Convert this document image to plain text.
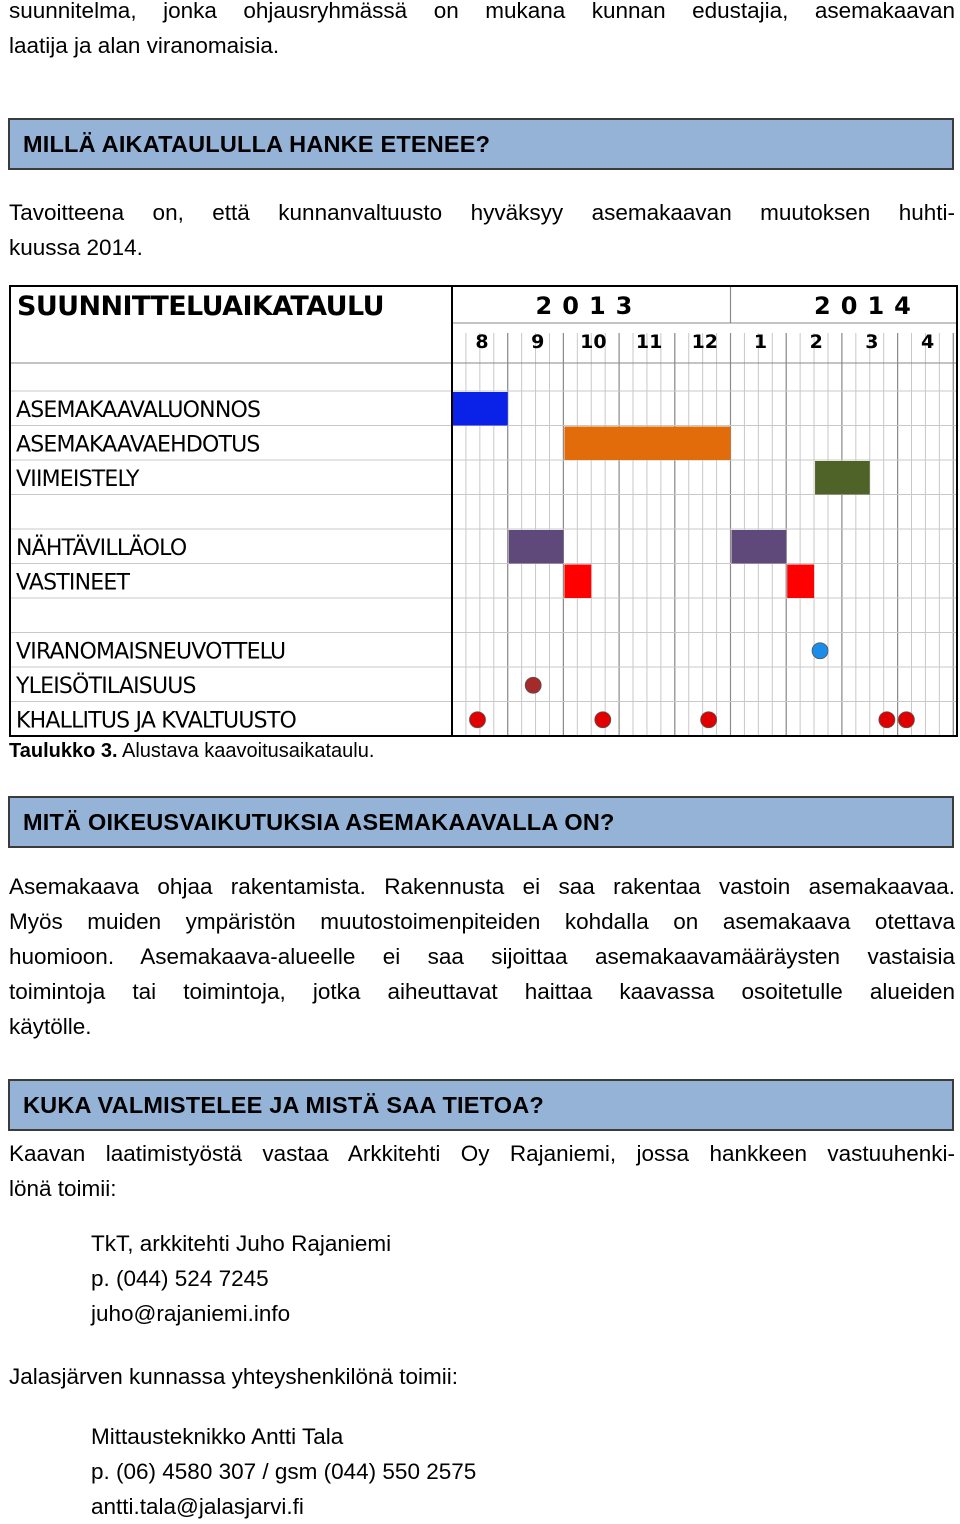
suunnitelma, jonka ohjausryhmässä on mukana kunnan edustajia, asemakaavan
laatija ja alan viranomaisia.

MILLÄ AIKATAULULLA HANKE ETENEE?

Tavoitteena on, että kunnanvaltuusto hyväksyy asemakaavan muutoksen huhti-
kuussa 2014.

SUUNNITTELUAIKATAULU	2013	2014
8 9 10 11 12 1 2 3 4
ASEMAKAAVALUONNOS
ASEMAKAAVAEHDOTUS
VIIMEISTELY
NÄHTÄVILLÄOLO
VASTINEET
VIRANOMAISNEUVOTTELU
YLEISÖTILAISUUS
KHALLITUS JA KVALTUUSTO

Taulukko 3. Alustava kaavoitusaikataulu.

MITÄ OIKEUSVAIKUTUKSIA ASEMAKAAVALLA ON?

Asemakaava ohjaa rakentamista. Rakennusta ei saa rakentaa vastoin asemakaavaa.
Myös muiden ympäristön muutostoimenpiteiden kohdalla on asemakaava otettava
huomioon. Asemakaava-alueelle ei saa sijoittaa asemakaavamääräysten vastaisia
toimintoja tai toimintoja, jotka aiheuttavat haittaa kaavassa osoitetulle alueiden
käytölle.

KUKA VALMISTELEE JA MISTÄ SAA TIETOA?

Kaavan laatimistyöstä vastaa Arkkitehti Oy Rajaniemi, jossa hankkeen vastuuhenki-
lönä toimii:

TkT, arkkitehti Juho Rajaniemi
p. (044) 524 7245
juho@rajaniemi.info

Jalasjärven kunnassa yhteyshenkilönä toimii:

Mittausteknikko Antti Tala
p. (06) 4580 307 / gsm (044) 550 2575
antti.tala@jalasjarvi.fi
